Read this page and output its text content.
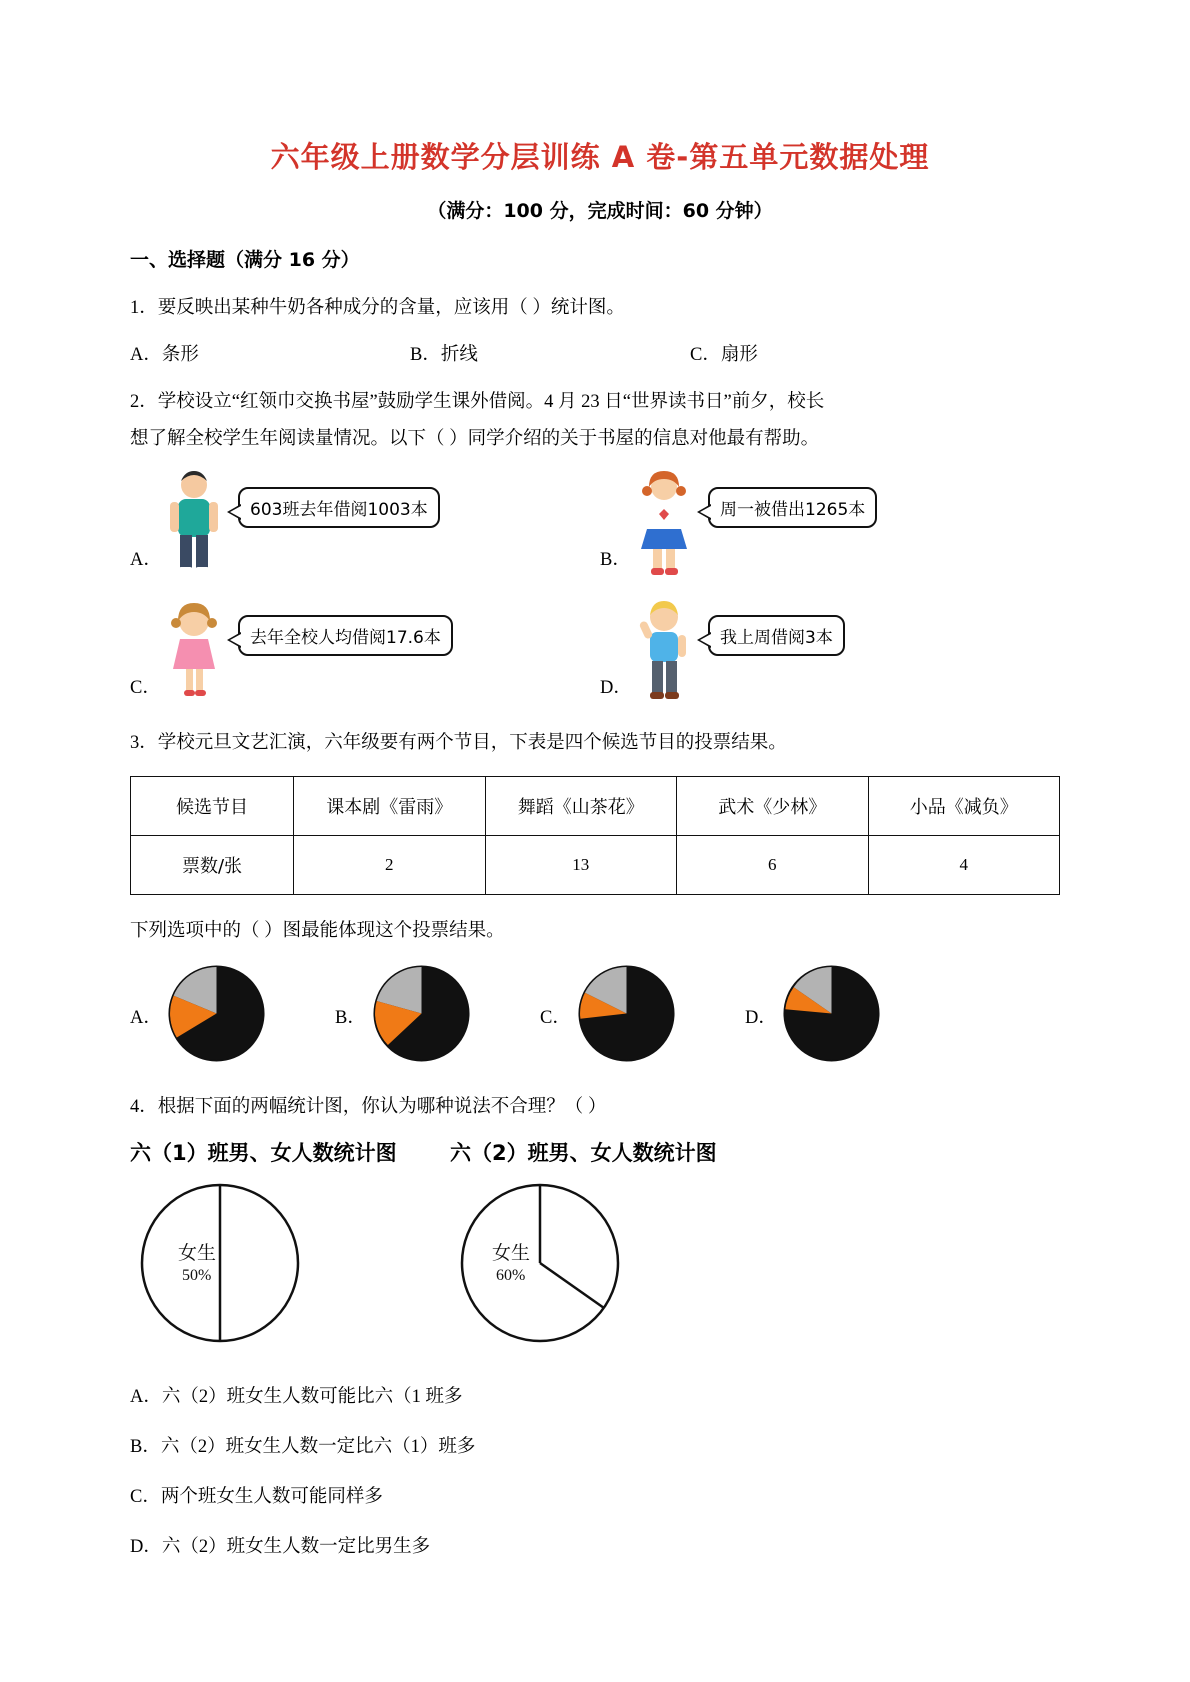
六年级上册数学分层训练 A 卷-第五单元数据处理
（满分：100 分，完成时间：60 分钟）
一、选择题（满分 16 分）
1．要反映出某种牛奶各种成分的含量，应该用（ ）统计图。
A．条形	B．折线	C．扇形
2．学校设立“红领巾交换书屋”鼓励学生课外借阅。4 月 23 日“世界读书日”前夕，校长
想了解全校学生年阅读量情况。以下（ ）同学介绍的关于书屋的信息对他最有帮助。
A．
603班去年借阅1003本
B．
周一被借出1265本
C．
去年全校人均借阅17.6本
D．
我上周借阅3本
3．学校元旦文艺汇演，六年级要有两个节目，下表是四个候选节目的投票结果。
候选节目	课本剧《雷雨》	舞蹈《山茶花》	武术《少林》	小品《减负》
票数/张	2	13	6	4
下列选项中的（ ）图最能体现这个投票结果。
A．	B．	C．	D．
4．根据下面的两幅统计图，你认为哪种说法不合理？（ ）
六（1）班男、女人数统计图	六（2）班男、女人数统计图
女生
50%
女生
60%
A．六（2）班女生人数可能比六（1 班多
B．六（2）班女生人数一定比六（1）班多
C．两个班女生人数可能同样多
D．六（2）班女生人数一定比男生多
